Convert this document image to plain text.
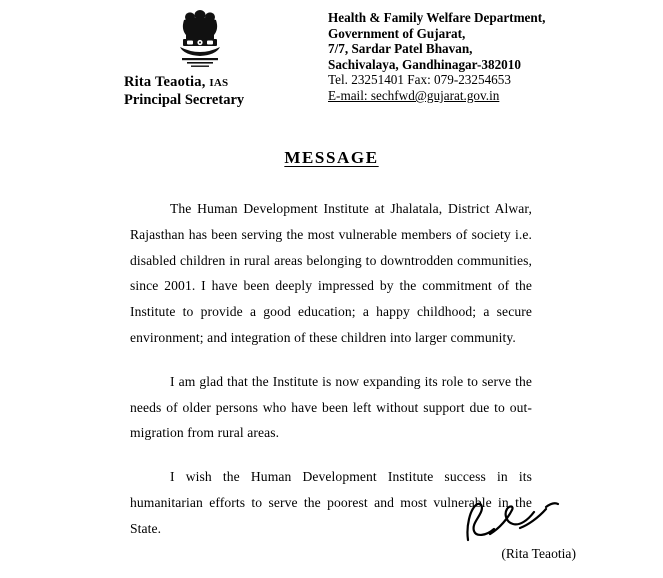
Rita Teaotia, IAS
Principal Secretary
Health & Family Welfare Department,
Government of Gujarat,
7/7, Sardar Patel Bhavan,
Sachivalaya, Gandhinagar-382010
Tel. 23251401 Fax: 079-23254653
E-mail: sechfwd@gujarat.gov.in
MESSAGE

The Human Development Institute at Jhalatala, District Alwar, Rajasthan has been serving the most vulnerable members of society i.e. disabled children in rural areas belonging to downtrodden communities, since 2001. I have been deeply impressed by the commitment of the Institute to provide a good education; a happy childhood; a secure environment; and integration of these children into larger community.

I am glad that the Institute is now expanding its role to serve the needs of older persons who have been left without support due to out-migration from rural areas.

I wish the Human Development Institute success in its humanitarian efforts to serve the poorest and most vulnerable in the State.

(Rita Teaotia)
